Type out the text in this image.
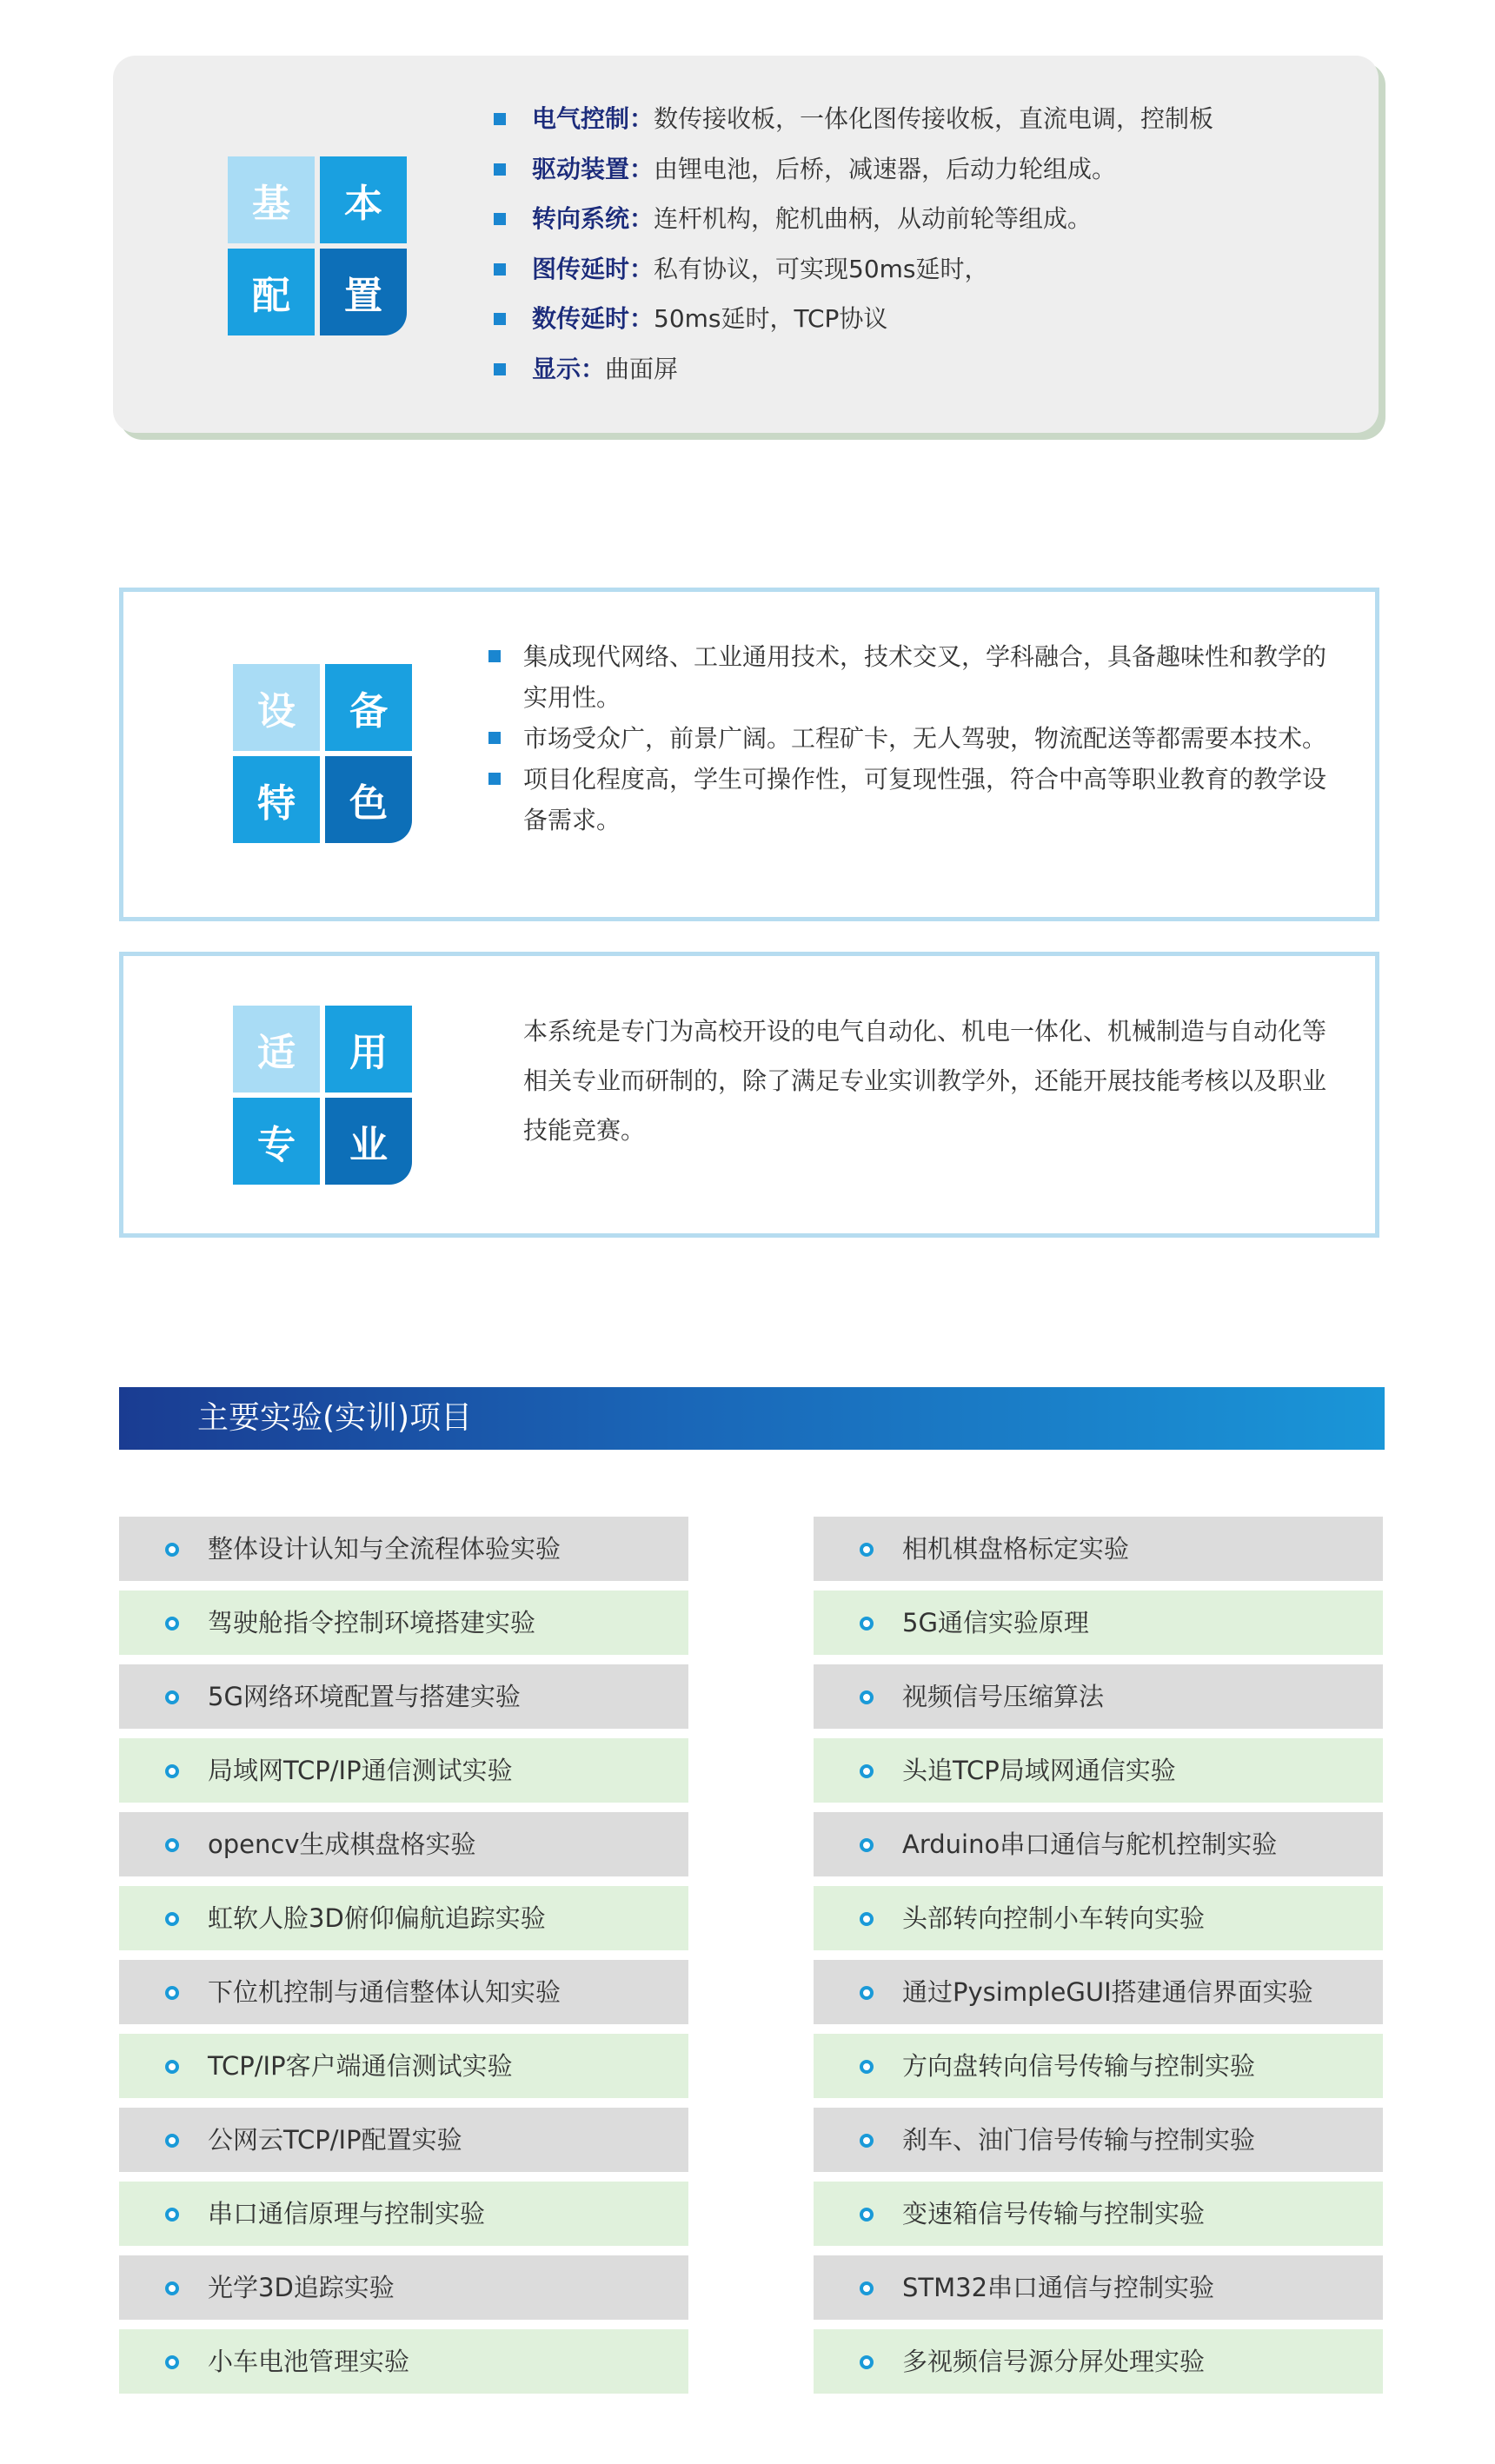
基	本
配	置
电气控制：数传接收板，一体化图传接收板，直流电调，控制板
驱动装置：由锂电池，后桥，减速器，后动力轮组成。
转向系统：连杆机构，舵机曲柄，从动前轮等组成。
图传延时：私有协议，可实现50ms延时，
数传延时：50ms延时，TCP协议
显示：曲面屏
设	备
特	色
集成现代网络、工业通用技术，技术交叉，学科融合，具备趣味性和教学的实用性。
市场受众广，前景广阔。工程矿卡，无人驾驶，物流配送等都需要本技术。
项目化程度高，学生可操作性，可复现性强，符合中高等职业教育的教学设备需求。
适	用
专	业

本系统是专门为高校开设的电气自动化、机电一体化、机械制造与自动化等相关专业而研制的，除了满足专业实训教学外，还能开展技能考核以及职业技能竞赛。

主要实验(实训)项目
整体设计认知与全流程体验实验
驾驶舱指令控制环境搭建实验
5G网络环境配置与搭建实验
局域网TCP/IP通信测试实验
opencv生成棋盘格实验
虹软人脸3D俯仰偏航追踪实验
下位机控制与通信整体认知实验
TCP/IP客户端通信测试实验
公网云TCP/IP配置实验
串口通信原理与控制实验
光学3D追踪实验
小车电池管理实验
相机棋盘格标定实验
5G通信实验原理
视频信号压缩算法
头追TCP局域网通信实验
Arduino串口通信与舵机控制实验
头部转向控制小车转向实验
通过PysimpleGUI搭建通信界面实验
方向盘转向信号传输与控制实验
刹车、油门信号传输与控制实验
变速箱信号传输与控制实验
STM32串口通信与控制实验
多视频信号源分屏处理实验
